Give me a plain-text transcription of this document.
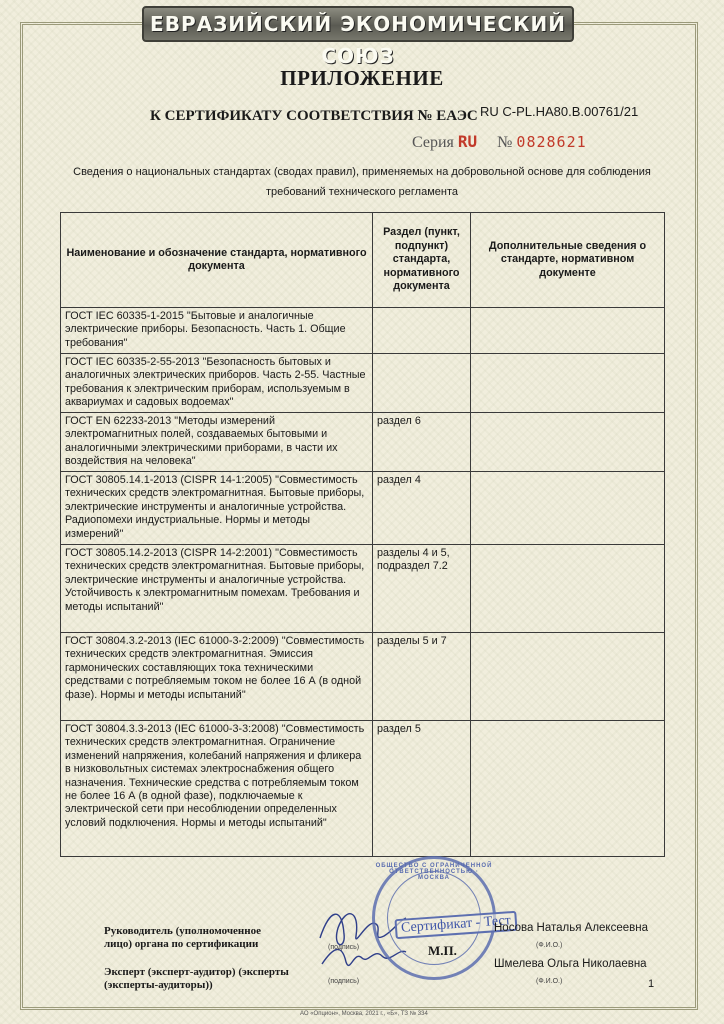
ЕВРАЗИЙСКИЙ ЭКОНОМИЧЕСКИЙ СОЮЗ
ПРИЛОЖЕНИЕ
К СЕРТИФИКАТУ СООТВЕТСТВИЯ № ЕАЭС RU C-PL.НА80.В.00761/21
Серия RU № 0828621
Сведения о национальных стандартах (сводах правил), применяемых на добровольной основе для соблюдения требований технического регламента
Наименование и обозначение стандарта, нормативного документа	Раздел (пункт, подпункт) стандарта, нормативного документа	Дополнительные сведения о стандарте, нормативном документе
ГОСТ IEC 60335-1-2015 "Бытовые и аналогичные электрические приборы. Безопасность. Часть 1. Общие требования"		
ГОСТ IEC 60335-2-55-2013 "Безопасность бытовых и аналогичных электрических приборов. Часть 2-55. Частные требования к электрическим приборам, используемым в аквариумах и садовых водоемах"		
ГОСТ EN 62233-2013 "Методы измерений электромагнитных полей, создаваемых бытовыми и аналогичными электрическими приборами, в части их воздействия на человека"	раздел 6	
ГОСТ 30805.14.1-2013 (CISPR 14-1:2005) "Совместимость технических средств электромагнитная. Бытовые приборы, электрические инструменты и аналогичные устройства. Радиопомехи индустриальные. Нормы и методы измерений"	раздел 4	
ГОСТ 30805.14.2-2013 (CISPR 14-2:2001) "Совместимость технических средств электромагнитная. Бытовые приборы, электрические инструменты и аналогичные устройства. Устойчивость к электромагнитным помехам. Требования и методы испытаний"	разделы 4 и 5, подраздел 7.2	
ГОСТ 30804.3.2-2013 (IEC 61000-3-2:2009) "Совместимость технических средств электромагнитная. Эмиссия гармонических составляющих тока техническими средствами с потребляемым током не более 16 А (в одной фазе). Нормы и методы испытаний"	разделы 5 и 7	
ГОСТ 30804.3.3-2013 (IEC 61000-3-3:2008) "Совместимость технических средств электромагнитная. Ограничение изменений напряжения, колебаний напряжения и фликера в низковольтных системах электроснабжения общего назначения. Технические средства с потребляемым током не более 16 А (в одной фазе), подключаемые к электрической сети при несоблюдении определенных условий подключения. Нормы и методы испытаний"	раздел 5	
Руководитель (уполномоченное лицо) органа по сертификации
Эксперт (эксперт-аудитор) (эксперты (эксперты-аудиторы))
(подпись)
(подпись)
ОБЩЕСТВО С ОГРАНИЧЕННОЙ ОТВЕТСТВЕННОСТЬЮ · МОСКВА
Сертификат - Тест
М.П.
Носова Наталья Алексеевна
(Ф.И.О.)
Шмелева Ольга Николаевна
(Ф.И.О.)	1
АО «Опцион», Москва, 2021 г., «Б», ТЗ № 334
